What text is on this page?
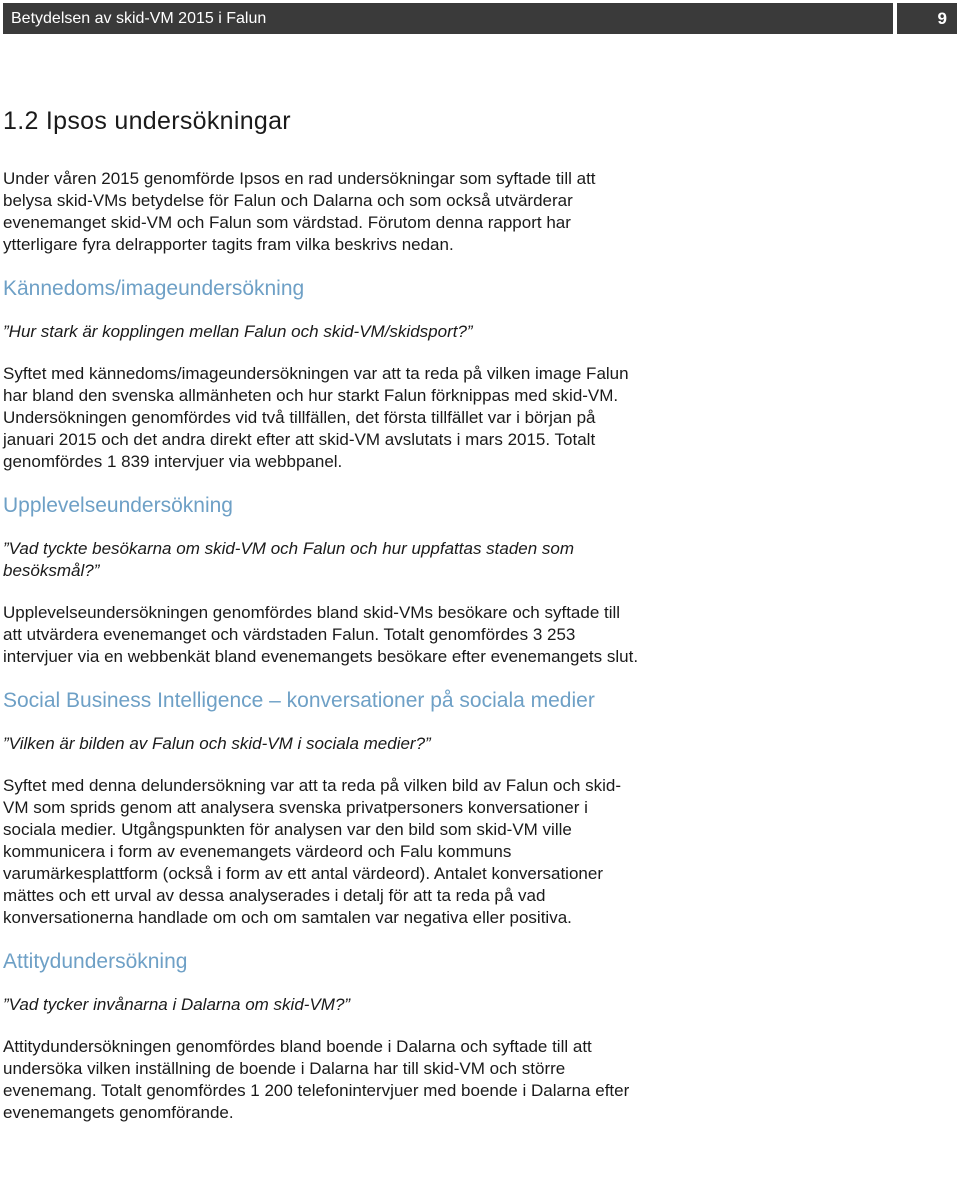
Betydelsen av skid-VM 2015 i Falun	9
1.2 Ipsos undersökningar

Under våren 2015 genomförde Ipsos en rad undersökningar som syftade till att belysa skid-VMs betydelse för Falun och Dalarna och som också utvärderar evenemanget skid-VM och Falun som värdstad. Förutom denna rapport har ytterligare fyra delrapporter tagits fram vilka beskrivs nedan.

Kännedoms/imageundersökning

”Hur stark är kopplingen mellan Falun och skid-VM/skidsport?”

Syftet med kännedoms/imageundersökningen var att ta reda på vilken image Falun har bland den svenska allmänheten och hur starkt Falun förknippas med skid-VM. Undersökningen genomfördes vid två tillfällen, det första tillfället var i början på januari 2015 och det andra direkt efter att skid-VM avslutats i mars 2015. Totalt genomfördes 1 839 intervjuer via webbpanel.

Upplevelseundersökning

”Vad tyckte besökarna om skid-VM och Falun och hur uppfattas staden som besöksmål?”

Upplevelseundersökningen genomfördes bland skid-VMs besökare och syftade till att utvärdera evenemanget och värdstaden Falun. Totalt genomfördes 3 253 intervjuer via en webbenkät bland evenemangets besökare efter evenemangets slut.

Social Business Intelligence – konversationer på sociala medier

”Vilken är bilden av Falun och skid-VM i sociala medier?”

Syftet med denna delundersökning var att ta reda på vilken bild av Falun och skid-VM som sprids genom att analysera svenska privatpersoners konversationer i sociala medier. Utgångspunkten för analysen var den bild som skid-VM ville kommunicera i form av evenemangets värdeord och Falu kommuns varumärkesplattform (också i form av ett antal värdeord). Antalet konversationer mättes och ett urval av dessa analyserades i detalj för att ta reda på vad konversationerna handlade om och om samtalen var negativa eller positiva.

Attitydundersökning

”Vad tycker invånarna i Dalarna om skid-VM?”

Attitydundersökningen genomfördes bland boende i Dalarna och syftade till att undersöka vilken inställning de boende i Dalarna har till skid-VM och större evenemang. Totalt genomfördes 1 200 telefonintervjuer med boende i Dalarna efter evenemangets genomförande.
